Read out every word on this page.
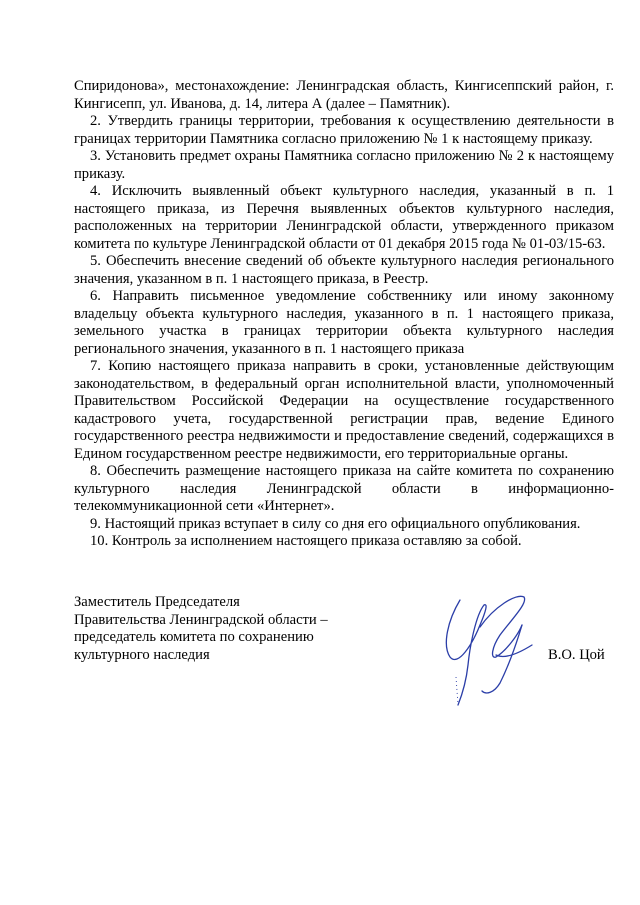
Спиридонова», местонахождение: Ленинградская область, Кингисеппский район, г. Кингисепп, ул. Иванова, д. 14, литера А (далее – Памятник).

2. Утвердить границы территории, требования к осуществлению деятельности в границах территории Памятника согласно приложению № 1 к настоящему приказу.

3. Установить предмет охраны Памятника согласно приложению № 2 к настоящему приказу.

4. Исключить выявленный объект культурного наследия, указанный в п. 1 настоящего приказа, из Перечня выявленных объектов культурного наследия, расположенных на территории Ленинградской области, утвержденного приказом комитета по культуре Ленинградской области от 01 декабря 2015 года № 01-03/15-63.

5. Обеспечить внесение сведений об объекте культурного наследия регионального значения, указанном в п. 1 настоящего приказа, в Реестр.

6. Направить письменное уведомление собственнику или иному законному владельцу объекта культурного наследия, указанного в п. 1 настоящего приказа, земельного участка в границах территории объекта культурного наследия регионального значения, указанного в п. 1 настоящего приказа

7. Копию настоящего приказа направить в сроки, установленные действующим законодательством, в федеральный орган исполнительной власти, уполномоченный Правительством Российской Федерации на осуществление государственного кадастрового учета, государственной регистрации прав, ведение Единого государственного реестра недвижимости и предоставление сведений, содержащихся в Едином государственном реестре недвижимости, его территориальные органы.

8. Обеспечить размещение настоящего приказа на сайте комитета по сохранению культурного наследия Ленинградской области в информационно-телекоммуникационной сети «Интернет».

9. Настоящий приказ вступает в силу со дня его официального опубликования.

10. Контроль за исполнением настоящего приказа оставляю за собой.

Заместитель Председателя
Правительства Ленинградской области –
председатель комитета по сохранению
культурного наследия	В.О. Цой
